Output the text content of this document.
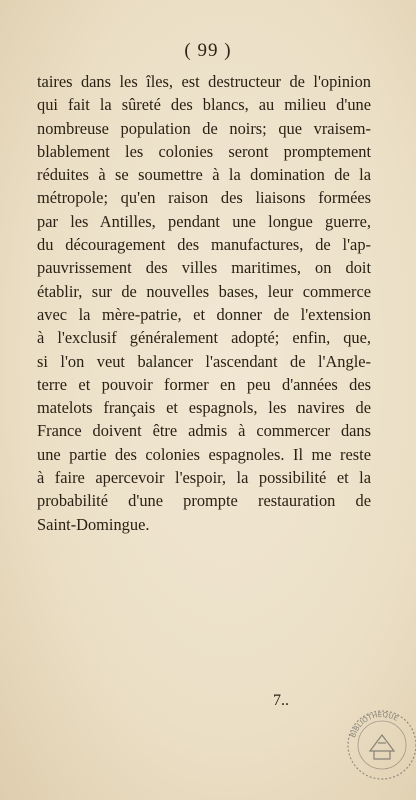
( 99 )
taires dans les îles, est destructeur de l'opinion
qui fait la sûreté des blancs, au milieu d'une
nombreuse population de noirs; que vraisem-
blablement les colonies seront promptement
réduites à se soumettre à la domination de la
métropole; qu'en raison des liaisons formées
par les Antilles, pendant une longue guerre,
du découragement des manufactures, de l'ap-
pauvrissement des villes maritimes, on doit
établir, sur de nouvelles bases, leur commerce
avec la mère-patrie, et donner de l'extension
à l'exclusif généralement adopté; enfin, que,
si l'on veut balancer l'ascendant de l'Angle-
terre et pouvoir former en peu d'années des
matelots français et espagnols, les navires de
France doivent être admis à commercer dans
une partie des colonies espagnoles. Il me reste
à faire apercevoir l'espoir, la possibilité et la
probabilité d'une prompte restauration de
Saint-Domingue.
7..
BIBLIOTHÈQUE
